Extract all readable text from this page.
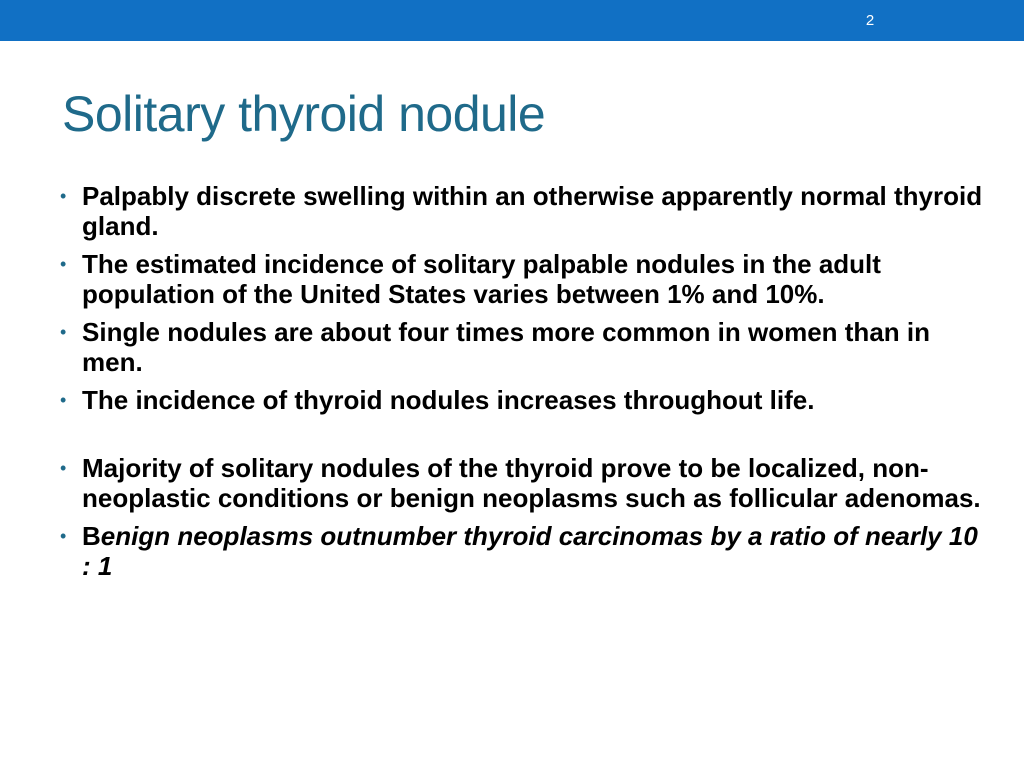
2
Solitary thyroid nodule
• Palpably discrete swelling within an otherwise apparently normal thyroid gland.
• The estimated incidence of solitary palpable nodules in the adult population of the United States varies between 1% and 10%.
• Single nodules are about four times more common in women than in men.
• The incidence of thyroid nodules increases throughout life.
• Majority of solitary nodules of the thyroid prove to be localized, non-neoplastic conditions or benign neoplasms such as follicular adenomas.
• Benign neoplasms outnumber thyroid carcinomas by a ratio of nearly 10 : 1
